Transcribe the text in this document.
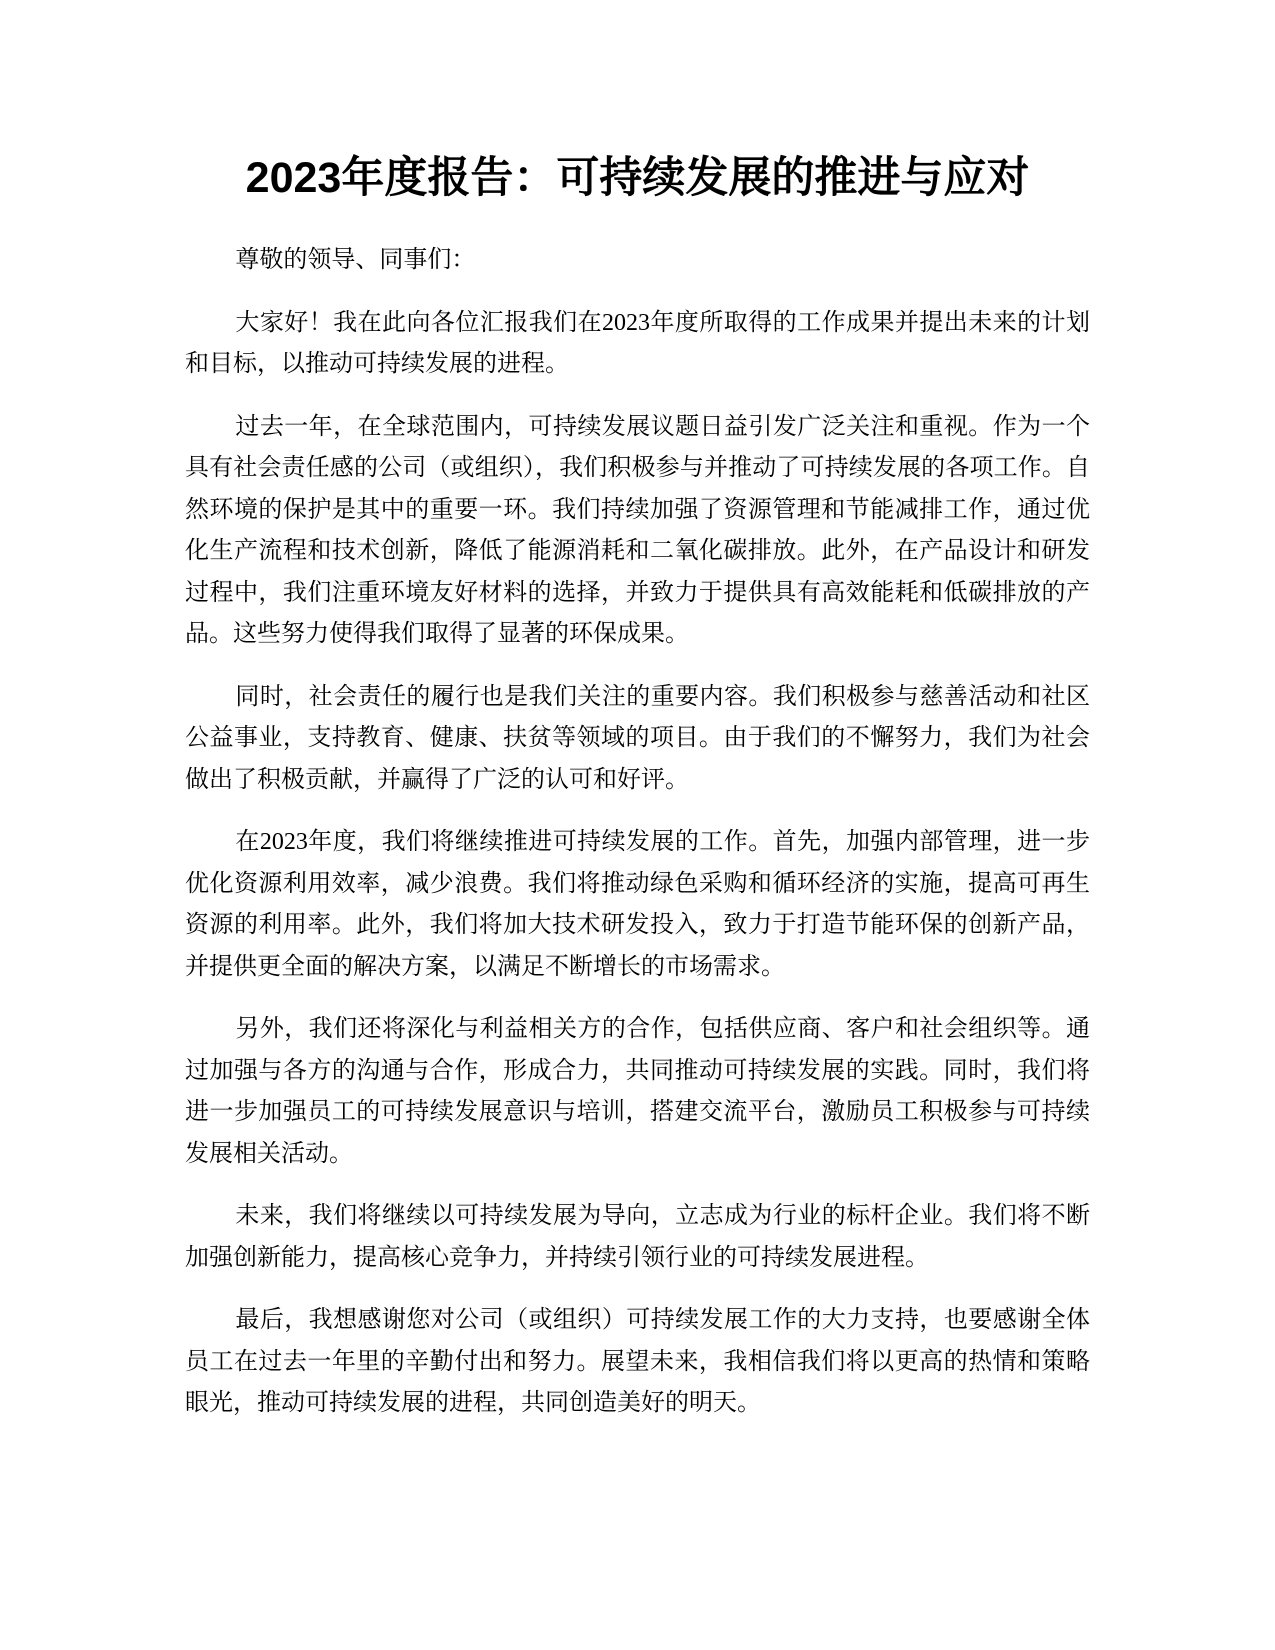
2023年度报告：可持续发展的推进与应对

尊敬的领导、同事们：

大家好！我在此向各位汇报我们在2023年度所取得的工作成果并提出未来的计划和目标，以推动可持续发展的进程。

过去一年，在全球范围内，可持续发展议题日益引发广泛关注和重视。作为一个具有社会责任感的公司（或组织），我们积极参与并推动了可持续发展的各项工作。自然环境的保护是其中的重要一环。我们持续加强了资源管理和节能减排工作，通过优化生产流程和技术创新，降低了能源消耗和二氧化碳排放。此外，在产品设计和研发过程中，我们注重环境友好材料的选择，并致力于提供具有高效能耗和低碳排放的产品。这些努力使得我们取得了显著的环保成果。

同时，社会责任的履行也是我们关注的重要内容。我们积极参与慈善活动和社区公益事业，支持教育、健康、扶贫等领域的项目。由于我们的不懈努力，我们为社会做出了积极贡献，并赢得了广泛的认可和好评。

在2023年度，我们将继续推进可持续发展的工作。首先，加强内部管理，进一步优化资源利用效率，减少浪费。我们将推动绿色采购和循环经济的实施，提高可再生资源的利用率。此外，我们将加大技术研发投入，致力于打造节能环保的创新产品，并提供更全面的解决方案，以满足不断增长的市场需求。

另外，我们还将深化与利益相关方的合作，包括供应商、客户和社会组织等。通过加强与各方的沟通与合作，形成合力，共同推动可持续发展的实践。同时，我们将进一步加强员工的可持续发展意识与培训，搭建交流平台，激励员工积极参与可持续发展相关活动。

未来，我们将继续以可持续发展为导向，立志成为行业的标杆企业。我们将不断加强创新能力，提高核心竞争力，并持续引领行业的可持续发展进程。

最后，我想感谢您对公司（或组织）可持续发展工作的大力支持，也要感谢全体员工在过去一年里的辛勤付出和努力。展望未来，我相信我们将以更高的热情和策略眼光，推动可持续发展的进程，共同创造美好的明天。
